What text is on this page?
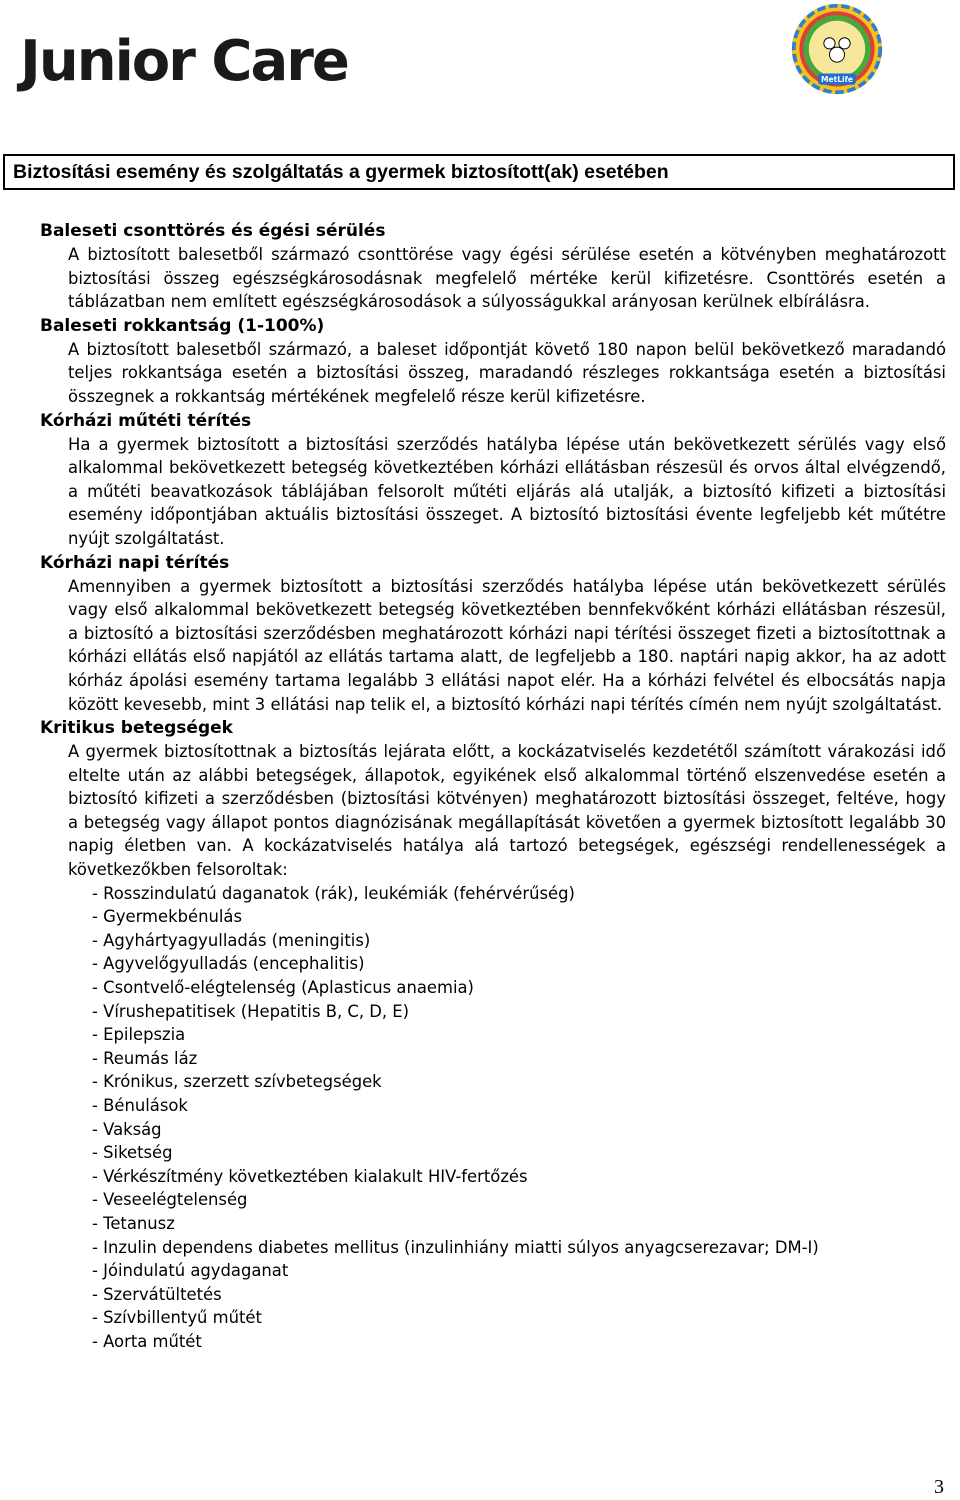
Junior Care	MetLife
Biztosítási esemény és szolgáltatás a gyermek biztosított(ak) esetében
Baleseti csonttörés és égési sérülés

A biztosított balesetből származó csonttörése vagy égési sérülése esetén a kötvényben meghatározott biztosítási összeg egészségkárosodásnak megfelelő mértéke kerül kifizetésre. Csonttörés esetén a táblázatban nem említett egészségkárosodások a súlyosságukkal arányosan kerülnek elbírálásra.

Baleseti rokkantság (1-100%)

A biztosított balesetből származó, a baleset időpontját követő 180 napon belül bekövetkező maradandó teljes rokkantsága esetén a biztosítási összeg, maradandó részleges rokkantsága esetén a biztosítási összegnek a rokkantság mértékének megfelelő része kerül kifizetésre.

Kórházi műtéti térítés

Ha a gyermek biztosított a biztosítási szerződés hatályba lépése után bekövetkezett sérülés vagy első alkalommal bekövetkezett betegség következtében kórházi ellátásban részesül és orvos által elvégzendő, a műtéti beavatkozások táblájában felsorolt műtéti eljárás alá utalják, a biztosító kifizeti a biztosítási esemény időpontjában aktuális biztosítási összeget. A biztosító biztosítási évente legfeljebb két műtétre nyújt szolgáltatást.

Kórházi napi térítés

Amennyiben a gyermek biztosított a biztosítási szerződés hatályba lépése után bekövetkezett sérülés vagy első alkalommal bekövetkezett betegség következtében bennfekvőként kórházi ellátásban részesül, a biztosító a biztosítási szerződésben meghatározott kórházi napi térítési összeget fizeti a biztosítottnak a kórházi ellátás első napjától az ellátás tartama alatt, de legfeljebb a 180. naptári napig akkor, ha az adott kórház ápolási esemény tartama legalább 3 ellátási napot elér. Ha a kórházi felvétel és elbocsátás napja között kevesebb, mint 3 ellátási nap telik el, a biztosító kórházi napi térítés címén nem nyújt szolgáltatást.

Kritikus betegségek

A gyermek biztosítottnak a biztosítás lejárata előtt, a kockázatviselés kezdetétől számított várakozási idő eltelte után az alábbi betegségek, állapotok, egyikének első alkalommal történő elszenvedése esetén a biztosító kifizeti a szerződésben (biztosítási kötvényen) meghatározott biztosítási összeget, feltéve, hogy a betegség vagy állapot pontos diagnózisának megállapítását követően a gyermek biztosított legalább 30 napig életben van. A kockázatviselés hatálya alá tartozó betegségek, egészségi rendellenességek a következőkben felsoroltak:

- Rosszindulatú daganatok (rák), leukémiák (fehérvérűség)
- Gyermekbénulás
- Agyhártyagyulladás (meningitis)
- Agyvelőgyulladás (encephalitis)
- Csontvelő-elégtelenség (Aplasticus anaemia)
- Vírushepatitisek (Hepatitis B, C, D, E)
- Epilepszia
- Reumás láz
- Krónikus, szerzett szívbetegségek
- Bénulások
- Vakság
- Siketség
- Vérkészítmény következtében kialakult HIV-fertőzés
- Veseelégtelenség
- Tetanusz
- Inzulin dependens diabetes mellitus (inzulinhiány miatti súlyos anyagcserezavar; DM-I)
- Jóindulatú agydaganat
- Szervátültetés
- Szívbillentyű műtét
- Aorta műtét
3
